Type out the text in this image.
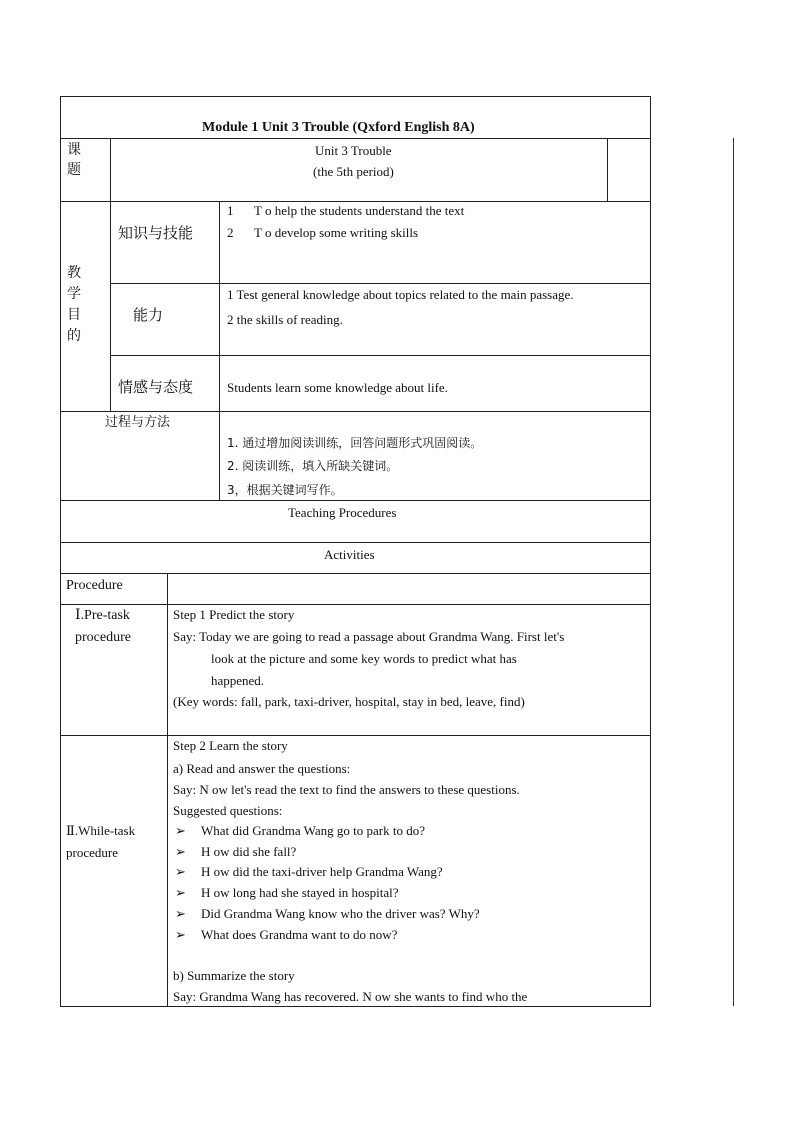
Module 1 Unit 3 Trouble (Qxford English 8A)
课
题
Unit 3 Trouble
(the 5th period)
教
学
目
的
知识与技能
1 T o help the students understand the text
2 T o develop some writing skills
能力
1 Test general knowledge about topics related to the main passage.
2 the skills of reading.
情感与态度	Students learn some knowledge about life.
过程与方法
1. 通过增加阅读训练，回答问题形式巩固阅读。
2. 阅读训练，填入所缺关键词。
3，根据关键词写作。
Teaching Procedures
Activities
Procedure
Ⅰ.Pre-task
procedure
Step 1 Predict the story
Say: Today we are going to read a passage about Grandma Wang. First let's
look at the picture and some key words to predict what has
happened.
(Key words: fall, park, taxi-driver, hospital, stay in bed, leave, find)
Ⅱ.While-task
procedure
Step 2 Learn the story
a) Read and answer the questions:
Say: N ow let's read the text to find the answers to these questions.
Suggested questions:
➢ What did Grandma Wang go to park to do?
➢ H ow did she fall?
➢ H ow did the taxi-driver help Grandma Wang?
➢ H ow long had she stayed in hospital?
➢ Did Grandma Wang know who the driver was? Why?
➢ What does Grandma want to do now?
b) Summarize the story
Say: Grandma Wang has recovered. N ow she wants to find who the
